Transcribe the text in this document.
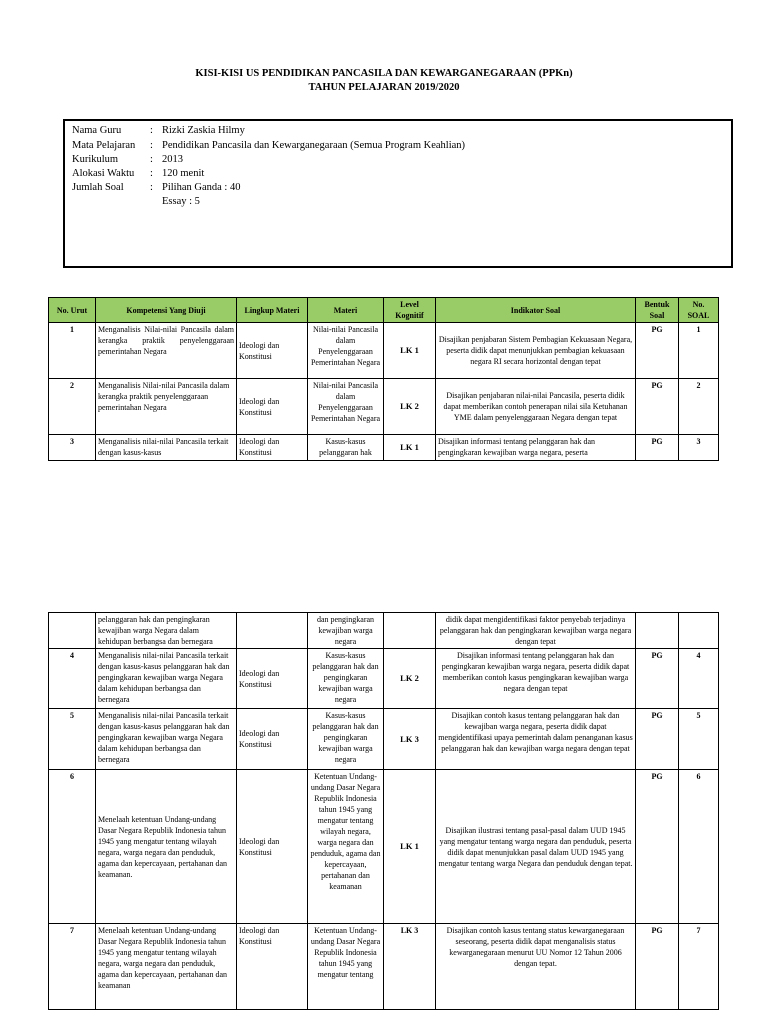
KISI-KISI US PENDIDIKAN PANCASILA DAN KEWARGANEGARAAN (PPKn)
TAHUN PELAJARAN 2019/2020
Nama Guru	: Rizki Zaskia Hilmy
Mata Pelajaran : Pendidikan Pancasila dan Kewarganegaraan (Semua Program Keahlian)
Kurikulum	: 2013
Alokasi Waktu : 120 menit
Jumlah Soal	: Pilihan Ganda : 40
Essay : 5
No. Urut	Kompetensi Yang Diuji	Lingkup Materi	Materi	Level Kognitif	Indikator Soal	Bentuk Soal	No. SOAL
1	Menganalisis Nilai-nilai Pancasila dalam kerangka praktik penyelenggaraan pemerintahan Negara	Ideologi dan Konstitusi	Nilai-nilai Pancasila dalam Penyelenggaraan Pemerintahan Negara	LK 1	Disajikan penjabaran Sistem Pembagian Kekuasaan Negara, peserta didik dapat menunjukkan pembagian kekuasaan negara RI secara horizontal dengan tepat	PG	1
2	Menganalisis Nilai-nilai Pancasila dalam kerangka praktik penyelenggaraan pemerintahan Negara	Ideologi dan Konstitusi	Nilai-nilai Pancasila dalam Penyelenggaraan Pemerintahan Negara	LK 2	Disajikan penjabaran nilai-nilai Pancasila, peserta didik dapat memberikan contoh penerapan nilai sila Ketuhanan YME dalam penyelenggaraan Negara dengan tepat	PG	2
3	Menganalisis nilai-nilai Pancasila terkait dengan kasus-kasus	Ideologi dan Konstitusi	Kasus-kasus pelanggaran hak	LK 1	Disajikan informasi tentang pelanggaran hak dan pengingkaran kewajiban warga negara, peserta	PG	3
	pelanggaran hak dan pengingkaran kewajiban warga Negara dalam kehidupan berbangsa dan bernegara		dan pengingkaran kewajiban warga negara		didik dapat mengidentifikasi faktor penyebab terjadinya pelanggaran hak dan pengingkaran kewajiban warga negara dengan tepat		
4	Menganalisis nilai-nilai Pancasila terkait dengan kasus-kasus pelanggaran hak dan pengingkaran kewajiban warga Negara dalam kehidupan berbangsa dan bernegara	Ideologi dan Konstitusi	Kasus-kasus pelanggaran hak dan pengingkaran kewajiban warga negara	LK 2	Disajikan informasi tentang pelanggaran hak dan pengingkaran kewajiban warga negara, peserta didik dapat memberikan contoh kasus pengingkaran kewajiban warga negara dengan tepat	PG	4
5	Menganalisis nilai-nilai Pancasila terkait dengan kasus-kasus pelanggaran hak dan pengingkaran kewajiban warga Negara dalam kehidupan berbangsa dan bernegara	Ideologi dan Konstitusi	Kasus-kasus pelanggaran hak dan pengingkaran kewajiban warga negara	LK 3	Disajikan contoh kasus tentang pelanggaran hak dan kewajiban warga negara, peserta didik dapat mengidentifikasi upaya pemerintah dalam penanganan kasus pelanggaran hak dan kewajiban warga negara dengan tepat	PG	5
6	Menelaah ketentuan Undang-undang Dasar Negara Republik Indonesia tahun 1945 yang mengatur tentang wilayah negara, warga negara dan penduduk, agama dan kepercayaan, pertahanan dan keamanan.	Ideologi dan Konstitusi	Ketentuan Undang-undang Dasar Negara Republik Indonesia tahun 1945 yang mengatur tentang wilayah negara, warga negara dan penduduk, agama dan kepercayaan, pertahanan dan keamanan	LK 1	Disajikan ilustrasi tentang pasal-pasal dalam UUD 1945 yang mengatur tentang warga negara dan penduduk, peserta didik dapat menunjukkan pasal dalam UUD 1945 yang mengatur tentang warga Negara dan penduduk dengan tepat.	PG	6
7	Menelaah ketentuan Undang-undang Dasar Negara Republik Indonesia tahun 1945 yang mengatur tentang wilayah negara, warga negara dan penduduk, agama dan kepercayaan, pertahanan dan keamanan	Ideologi dan Konstitusi	Ketentuan Undang-undang Dasar Negara Republik Indonesia tahun 1945 yang mengatur tentang	LK 3	Disajikan contoh kasus tentang status kewarganegaraan seseorang, peserta didik dapat menganalisis status kewarganegaraan menurut UU Nomor 12 Tahun 2006 dengan tepat.	PG	7
